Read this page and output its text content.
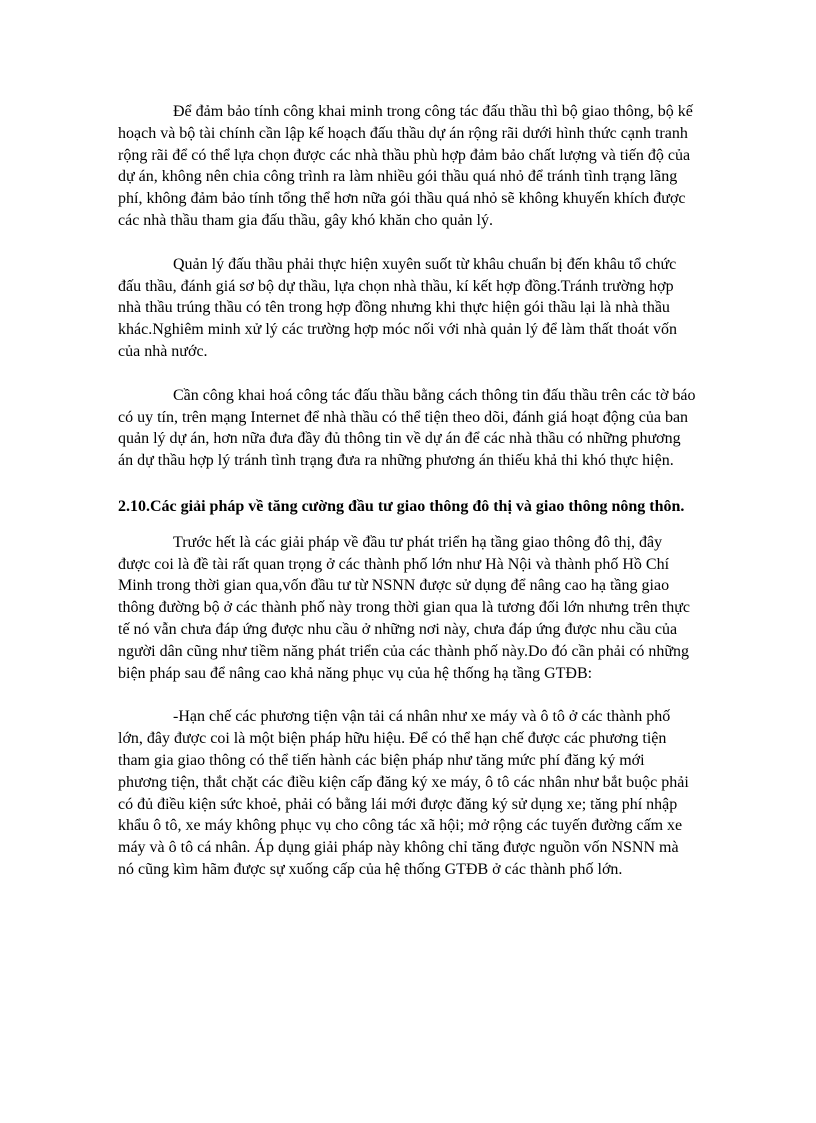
Để đảm bảo tính công khai minh trong công tác đấu thầu thì bộ giao thông, bộ kế hoạch và bộ tài chính cần lập kế hoạch đấu thầu dự án rộng rãi dưới hình thức cạnh tranh rộng rãi để có thể lựa chọn được các nhà thầu phù hợp đảm bảo chất lượng và tiến độ của dự án, không nên chia công trình ra làm nhiều gói thầu quá nhỏ để tránh tình trạng lãng phí, không đảm bảo tính tổng thể hơn nữa gói thầu quá nhỏ sẽ không khuyến khích được các nhà thầu tham gia đấu thầu, gây khó khăn cho quản lý.

Quản lý đấu thầu phải thực hiện xuyên suốt từ khâu chuẩn bị đến khâu tổ chức đấu thầu, đánh giá sơ bộ dự thầu, lựa chọn nhà thầu, kí kết hợp đồng.Tránh trường hợp nhà thầu trúng thầu có tên trong hợp đồng nhưng khi thực hiện gói thầu lại là nhà thầu khác.Nghiêm minh xử lý các trường hợp móc nối với nhà quản lý để làm thất thoát vốn của nhà nước.

Cần công khai hoá công tác đấu thầu bằng cách thông tin đấu thầu trên các tờ báo có uy tín, trên mạng Internet để nhà thầu có thể tiện theo dõi, đánh giá hoạt động của ban quản lý dự án, hơn nữa đưa đầy đủ thông tin về dự án để các nhà thầu có những phương án dự thầu hợp lý tránh tình trạng đưa ra những phương án thiếu khả thi khó thực hiện.

2.10.Các giải pháp về tăng cường đầu tư giao thông đô thị và giao thông nông thôn.

Trước hết là các giải pháp về đầu tư phát triển hạ tầng giao thông đô thị, đây được coi là đề tài rất quan trọng ở các thành phố lớn như Hà Nội và thành phố Hồ Chí Minh trong thời gian qua,vốn đầu tư từ NSNN được sử dụng để nâng cao hạ tầng giao thông đường bộ ở các thành phố này trong thời gian qua là tương đối lớn nhưng trên thực tế nó vẫn chưa đáp ứng được nhu cầu ở những nơi này, chưa đáp ứng được nhu cầu của người dân cũng như tiềm năng phát triển của các thành phố này.Do đó cần phải có những biện pháp sau để nâng cao khả năng phục vụ của hệ thống hạ tầng GTĐB:

-Hạn chế các phương tiện vận tải cá nhân như xe máy và ô tô ở các thành phố lớn, đây được coi là một biện pháp hữu hiệu. Để có thể hạn chế được các phương tiện tham gia giao thông có thể tiến hành các biện pháp như tăng mức phí đăng ký mới phương tiện, thắt chặt các điều kiện cấp đăng ký xe máy, ô tô các nhân như bắt buộc phải có đủ điều kiện sức khoẻ, phải có bằng lái mới được đăng ký sử dụng xe; tăng phí nhập khẩu ô tô, xe máy không phục vụ cho công tác xã hội; mở rộng các tuyến đường cấm xe máy và ô tô cá nhân. Áp dụng giải pháp này không chỉ tăng được nguồn vốn NSNN mà nó cũng kìm hãm được sự xuống cấp của hệ thống GTĐB ở các thành phố lớn.
